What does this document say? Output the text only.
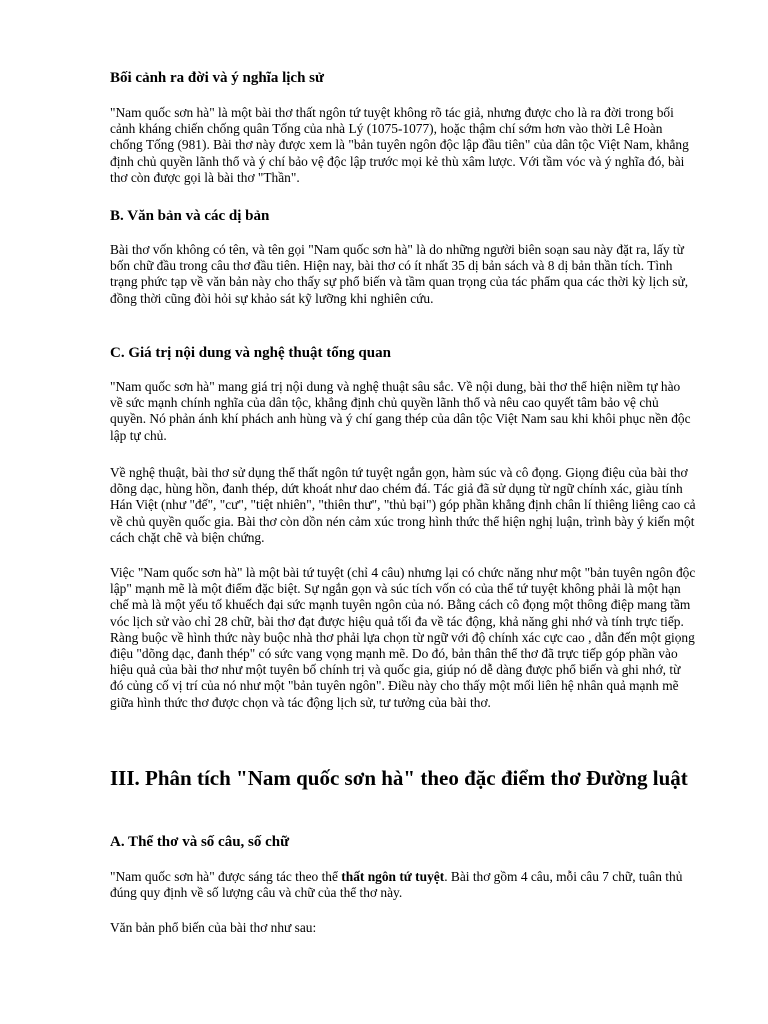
Bối cảnh ra đời và ý nghĩa lịch sử

"Nam quốc sơn hà" là một bài thơ thất ngôn tứ tuyệt không rõ tác giả, nhưng được cho là ra đời trong bối cảnh kháng chiến chống quân Tống của nhà Lý (1075-1077), hoặc thậm chí sớm hơn vào thời Lê Hoàn chống Tống (981). Bài thơ này được xem là "bản tuyên ngôn độc lập đầu tiên" của dân tộc Việt Nam, khẳng định chủ quyền lãnh thổ và ý chí bảo vệ độc lập trước mọi kẻ thù xâm lược. Với tầm vóc và ý nghĩa đó, bài thơ còn được gọi là bài thơ "Thần".

B. Văn bản và các dị bản

Bài thơ vốn không có tên, và tên gọi "Nam quốc sơn hà" là do những người biên soạn sau này đặt ra, lấy từ bốn chữ đầu trong câu thơ đầu tiên. Hiện nay, bài thơ có ít nhất 35 dị bản sách và 8 dị bản thần tích. Tình trạng phức tạp về văn bản này cho thấy sự phổ biến và tầm quan trọng của tác phẩm qua các thời kỳ lịch sử, đồng thời cũng đòi hỏi sự khảo sát kỹ lưỡng khi nghiên cứu.

C. Giá trị nội dung và nghệ thuật tổng quan

"Nam quốc sơn hà" mang giá trị nội dung và nghệ thuật sâu sắc. Về nội dung, bài thơ thể hiện niềm tự hào về sức mạnh chính nghĩa của dân tộc, khẳng định chủ quyền lãnh thổ và nêu cao quyết tâm bảo vệ chủ quyền. Nó phản ánh khí phách anh hùng và ý chí gang thép của dân tộc Việt Nam sau khi khôi phục nền độc lập tự chủ.

Về nghệ thuật, bài thơ sử dụng thể thất ngôn tứ tuyệt ngắn gọn, hàm súc và cô đọng. Giọng điệu của bài thơ dõng dạc, hùng hồn, đanh thép, dứt khoát như dao chém đá. Tác giả đã sử dụng từ ngữ chính xác, giàu tính Hán Việt (như "đế", "cư", "tiệt nhiên", "thiên thư", "thủ bại") góp phần khẳng định chân lí thiêng liêng cao cả về chủ quyền quốc gia. Bài thơ còn dồn nén cảm xúc trong hình thức thể hiện nghị luận, trình bày ý kiến một cách chặt chẽ và biện chứng.

Việc "Nam quốc sơn hà" là một bài tứ tuyệt (chỉ 4 câu) nhưng lại có chức năng như một "bản tuyên ngôn độc lập" mạnh mẽ là một điểm đặc biệt. Sự ngắn gọn và súc tích vốn có của thể tứ tuyệt không phải là một hạn chế mà là một yếu tố khuếch đại sức mạnh tuyên ngôn của nó. Bằng cách cô đọng một thông điệp mang tầm vóc lịch sử vào chỉ 28 chữ, bài thơ đạt được hiệu quả tối đa về tác động, khả năng ghi nhớ và tính trực tiếp. Ràng buộc về hình thức này buộc nhà thơ phải lựa chọn từ ngữ với độ chính xác cực cao , dẫn đến một giọng điệu "dõng dạc, đanh thép" có sức vang vọng mạnh mẽ. Do đó, bản thân thể thơ đã trực tiếp góp phần vào hiệu quả của bài thơ như một tuyên bố chính trị và quốc gia, giúp nó dễ dàng được phổ biến và ghi nhớ, từ đó củng cố vị trí của nó như một "bản tuyên ngôn". Điều này cho thấy một mối liên hệ nhân quả mạnh mẽ giữa hình thức thơ được chọn và tác động lịch sử, tư tưởng của bài thơ.

III. Phân tích "Nam quốc sơn hà" theo đặc điểm thơ Đường luật
A. Thể thơ và số câu, số chữ

"Nam quốc sơn hà" được sáng tác theo thể thất ngôn tứ tuyệt. Bài thơ gồm 4 câu, mỗi câu 7 chữ, tuân thủ đúng quy định về số lượng câu và chữ của thể thơ này.

Văn bản phổ biến của bài thơ như sau:
